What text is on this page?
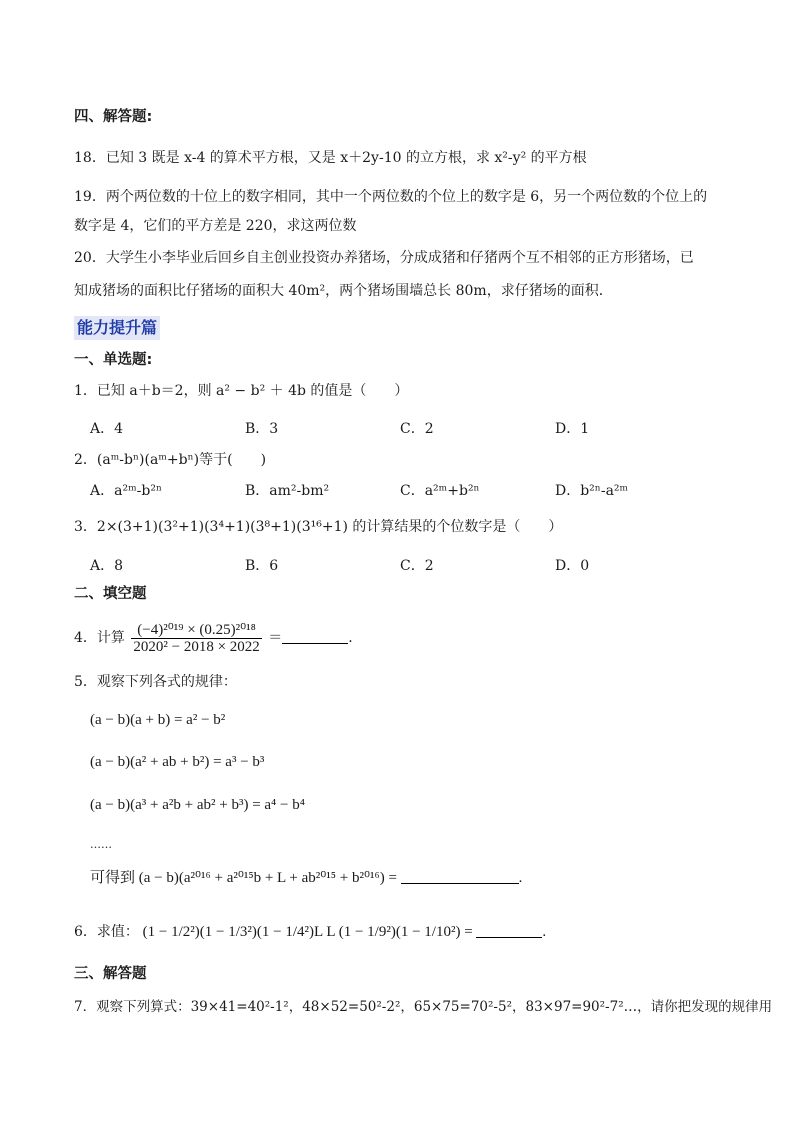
四、解答题:
18．已知 3 既是 x-4 的算术平方根，又是 x＋2y-10 的立方根，求 x²-y² 的平方根
19．两个两位数的十位上的数字相同，其中一个两位数的个位上的数字是 6，另一个两位数的个位上的
数字是 4，它们的平方差是 220，求这两位数
20．大学生小李毕业后回乡自主创业投资办养猪场，分成成猪和仔猪两个互不相邻的正方形猪场，已
知成猪场的面积比仔猪场的面积大 40m²，两个猪场围墙总长 80m，求仔猪场的面积．
能力提升篇
一、单选题:
1．已知 a＋b＝2，则 a² − b² ＋ 4b 的值是（　　）
A．4	B．3	C．2	D．1
2．(aᵐ-bⁿ)(aᵐ+bⁿ)等于(　　)
A．a²ᵐ-b²ⁿ	B．am²-bm²	C．a²ᵐ+b²ⁿ	D．b²ⁿ-a²ᵐ
3．2×(3+1)(3²+1)(3⁴+1)(3⁸+1)(3¹⁶+1) 的计算结果的个位数字是（　　）
A．8	B．6	C．2	D．0
二、填空题
4．计算 $\frac{\text{(−4)²⁰¹⁹ × (0.25)²⁰¹⁸}}{\text{2020² − 2018 × 2022}}$ ＝	.
5．观察下列各式的规律：
(a − b)(a + b) = a² − b²
(a − b)(a² + ab + b²) = a³ − b³
(a − b)(a³ + a²b + ab² + b³) = a⁴ − b⁴
……
可得到 (a − b)(a²⁰¹⁶ + a²⁰¹⁵b + L + ab²⁰¹⁵ + b²⁰¹⁶) =	.
6．求值： (1 − 1/2²)(1 − 1/3²)(1 − 1/4²)L L (1 − 1/9²)(1 − 1/10²) =	.
三、解答题
7．观察下列算式：39×41=40²-1²，48×52=50²-2²，65×75=70²-5²，83×97=90²-7²…，请你把发现的规律用
